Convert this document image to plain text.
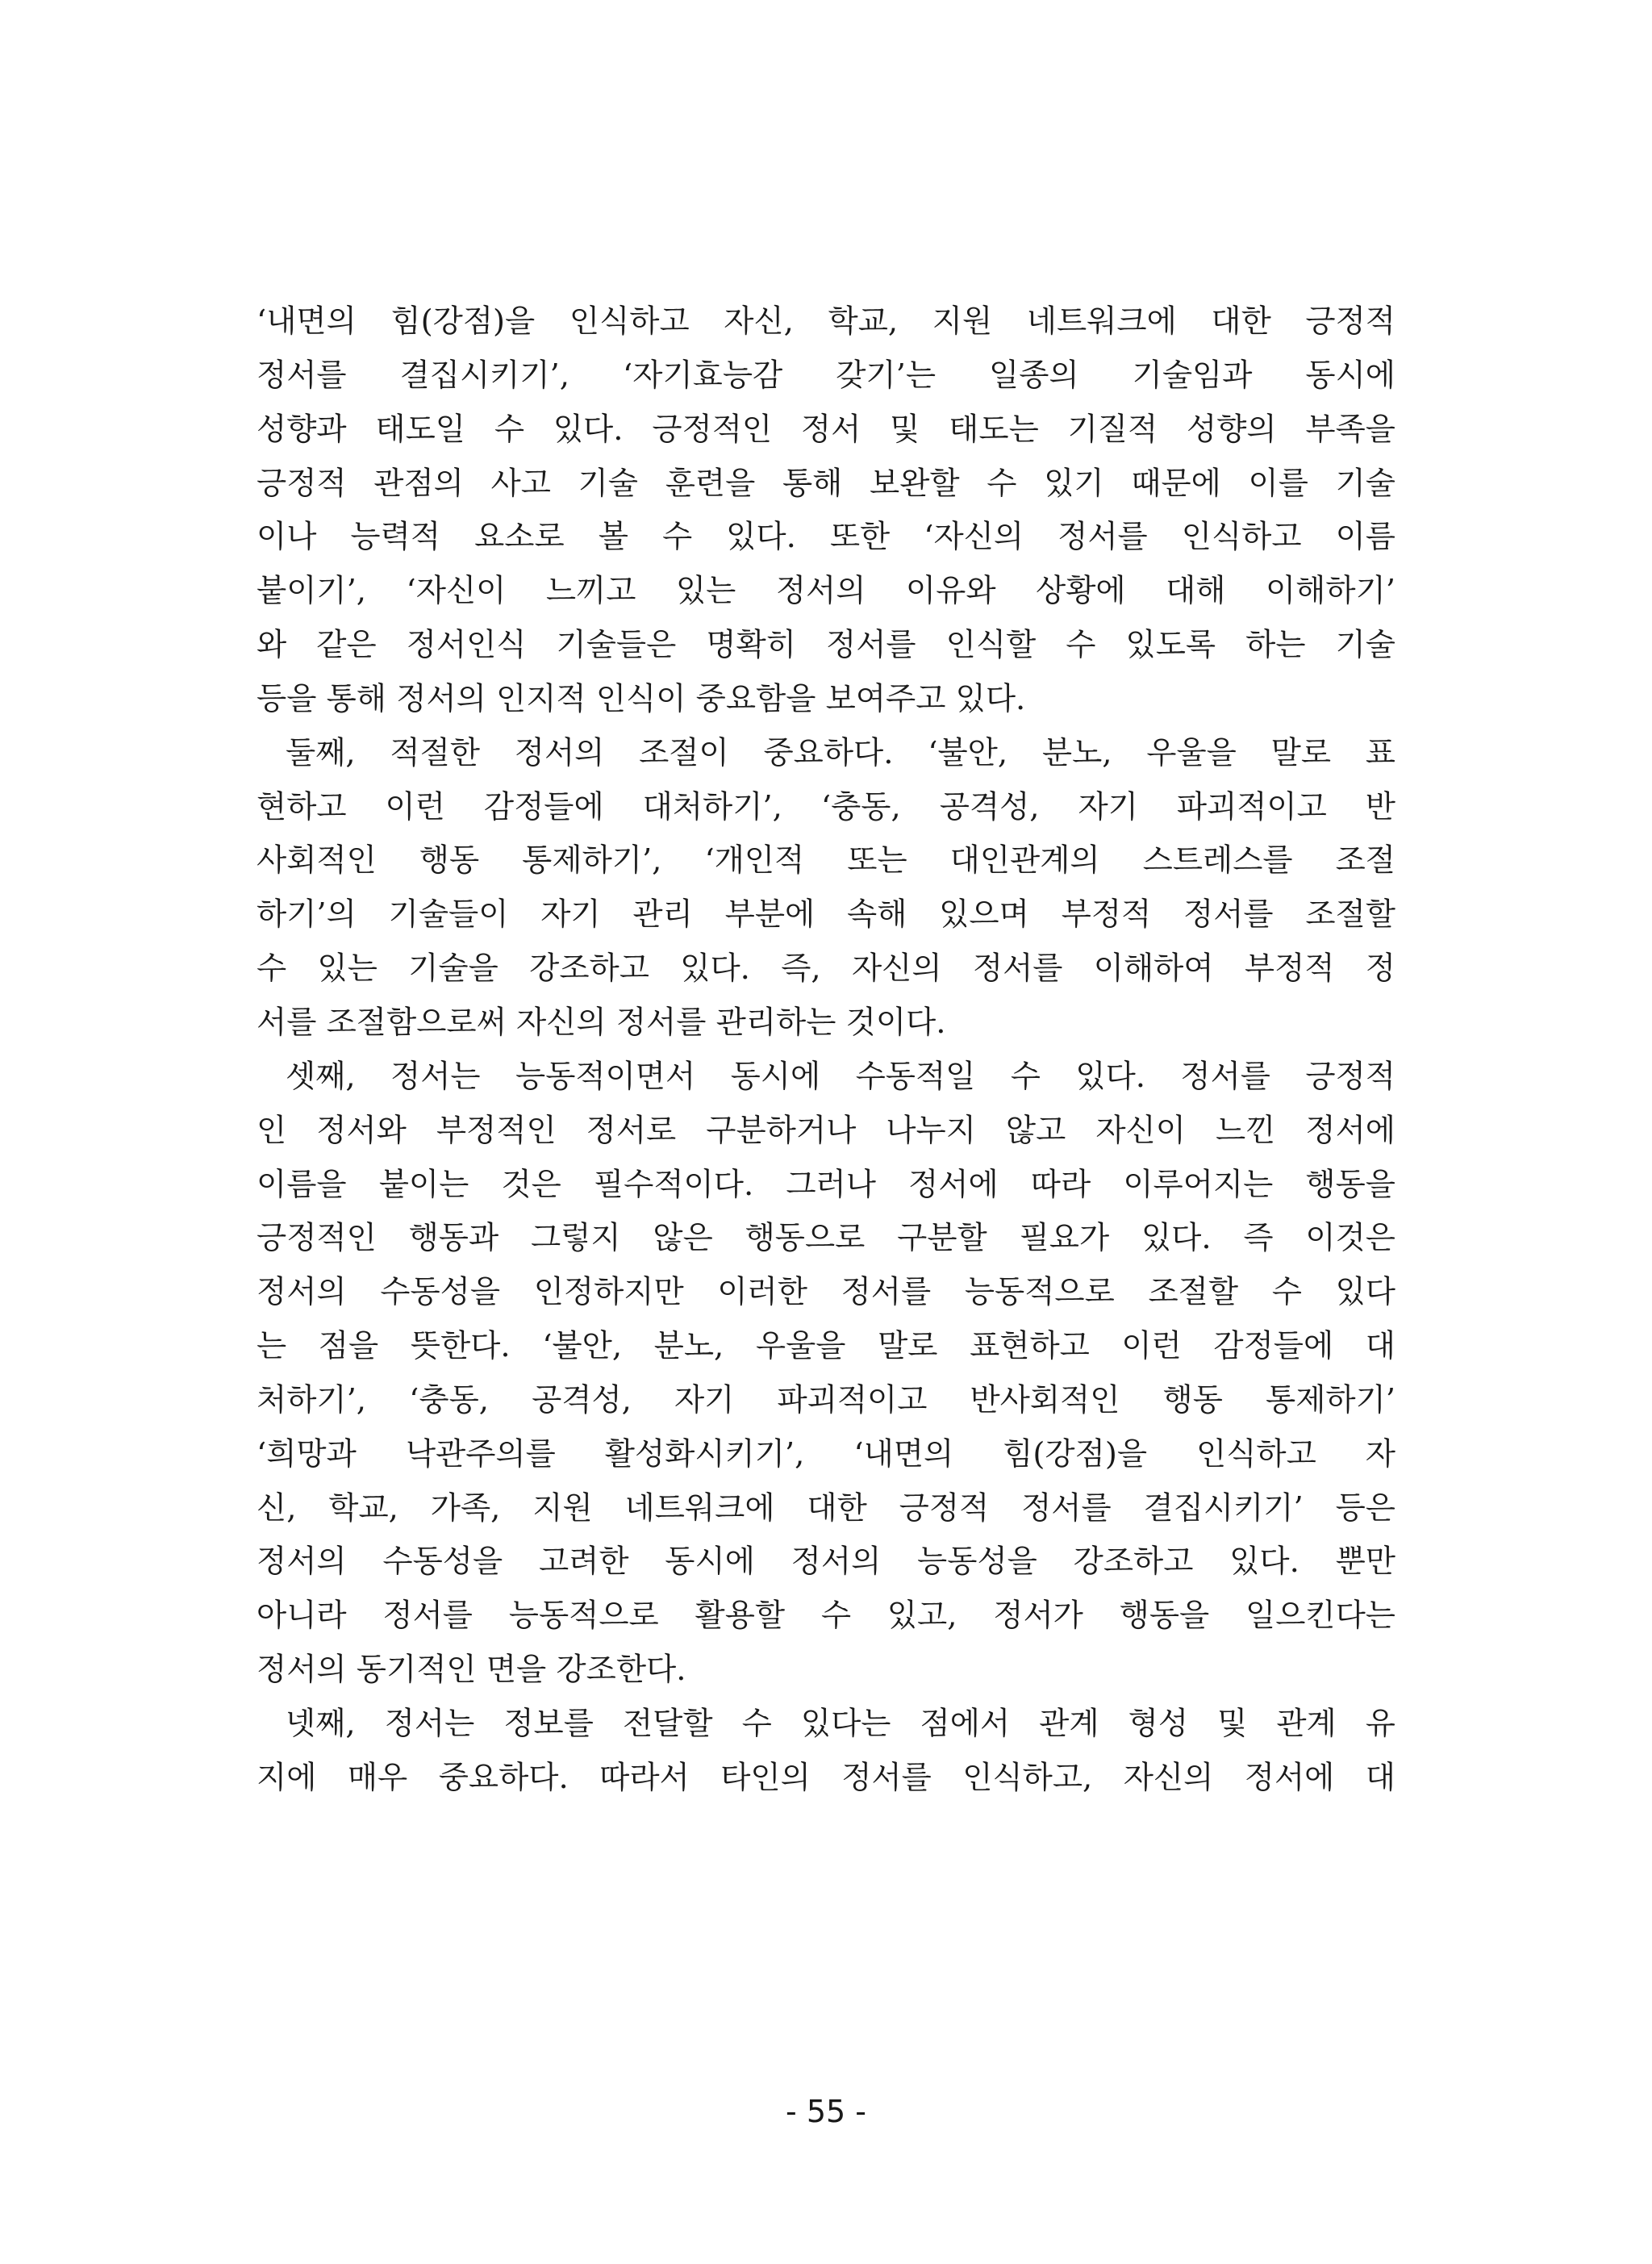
‘내면의 힘(강점)을 인식하고 자신, 학교, 지원 네트워크에 대한 긍정적
정서를 결집시키기’, ‘자기효능감 갖기’는 일종의 기술임과 동시에
성향과 태도일 수 있다. 긍정적인 정서 및 태도는 기질적 성향의 부족을
긍정적 관점의 사고 기술 훈련을 통해 보완할 수 있기 때문에 이를 기술
이나 능력적 요소로 볼 수 있다. 또한 ‘자신의 정서를 인식하고 이름
붙이기’, ‘자신이 느끼고 있는 정서의 이유와 상황에 대해 이해하기’
와 같은 정서인식 기술들은 명확히 정서를 인식할 수 있도록 하는 기술
등을 통해 정서의 인지적 인식이 중요함을 보여주고 있다.
둘째, 적절한 정서의 조절이 중요하다. ‘불안, 분노, 우울을 말로 표
현하고 이런 감정들에 대처하기’, ‘충동, 공격성, 자기 파괴적이고 반
사회적인 행동 통제하기’, ‘개인적 또는 대인관계의 스트레스를 조절
하기’의 기술들이 자기 관리 부분에 속해 있으며 부정적 정서를 조절할
수 있는 기술을 강조하고 있다. 즉, 자신의 정서를 이해하여 부정적 정
서를 조절함으로써 자신의 정서를 관리하는 것이다.
셋째, 정서는 능동적이면서 동시에 수동적일 수 있다. 정서를 긍정적
인 정서와 부정적인 정서로 구분하거나 나누지 않고 자신이 느낀 정서에
이름을 붙이는 것은 필수적이다. 그러나 정서에 따라 이루어지는 행동을
긍정적인 행동과 그렇지 않은 행동으로 구분할 필요가 있다. 즉 이것은
정서의 수동성을 인정하지만 이러한 정서를 능동적으로 조절할 수 있다
는 점을 뜻한다. ‘불안, 분노, 우울을 말로 표현하고 이런 감정들에 대
처하기’, ‘충동, 공격성, 자기 파괴적이고 반사회적인 행동 통제하기’
‘희망과 낙관주의를 활성화시키기’, ‘내면의 힘(강점)을 인식하고 자
신, 학교, 가족, 지원 네트워크에 대한 긍정적 정서를 결집시키기’ 등은
정서의 수동성을 고려한 동시에 정서의 능동성을 강조하고 있다. 뿐만
아니라 정서를 능동적으로 활용할 수 있고, 정서가 행동을 일으킨다는
정서의 동기적인 면을 강조한다.
넷째, 정서는 정보를 전달할 수 있다는 점에서 관계 형성 및 관계 유
지에 매우 중요하다. 따라서 타인의 정서를 인식하고, 자신의 정서에 대
- 55 -
